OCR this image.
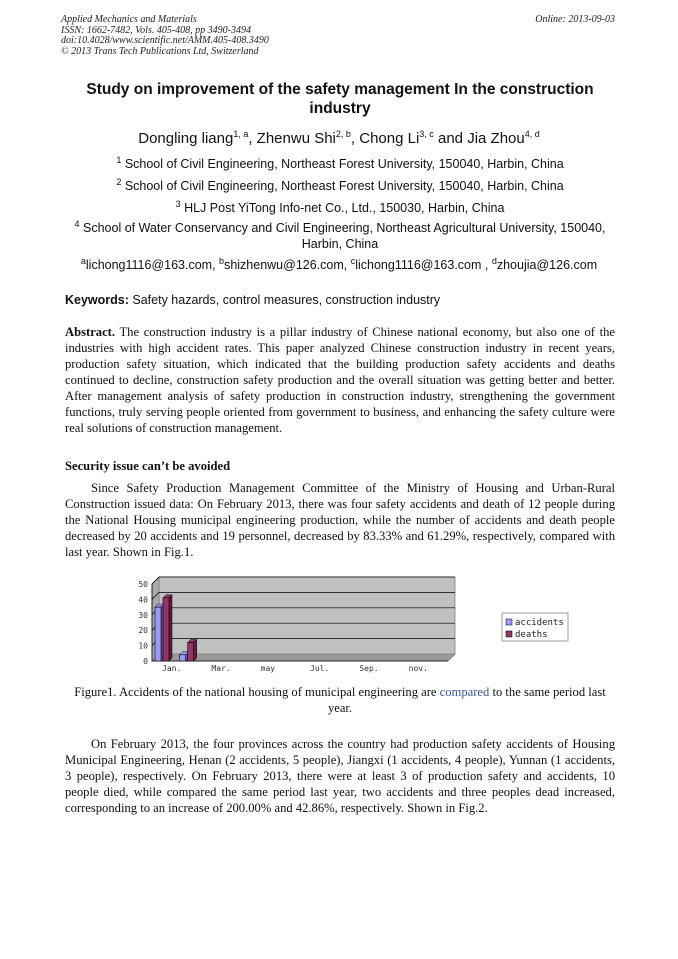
Applied Mechanics and Materials
ISSN: 1662-7482, Vols. 405-408, pp 3490-3494
doi:10.4028/www.scientific.net/AMM.405-408.3490
© 2013 Trans Tech Publications Ltd, Switzerland
Online: 2013-09-03
Study on improvement of the safety management In the construction industry
Dongling liang$^{1, a}$, Zhenwu Shi$^{2, b}$, Chong Li$^{3, c}$ and Jia Zhou$^{4, d}$
$^1$ School of Civil Engineering, Northeast Forest University, 150040, Harbin, China
$^2$ School of Civil Engineering, Northeast Forest University, 150040, Harbin, China
$^3$ HLJ Post YiTong Info-net Co., Ltd., 150030, Harbin, China
$^4$ School of Water Conservancy and Civil Engineering, Northeast Agricultural University, 150040, Harbin, China
$^a$lichong1116@163.com, $^b$shizhenwu@126.com, $^c$lichong1116@163.com , $^d$zhoujia@126.com
Keywords: Safety hazards, control measures, construction industry
Abstract. The construction industry is a pillar industry of Chinese national economy, but also one of the industries with high accident rates. This paper analyzed Chinese construction industry in recent years, production safety situation, which indicated that the building production safety accidents and deaths continued to decline, construction safety production and the overall situation was getting better and better. After management analysis of safety production in construction industry, strengthening the government functions, truly serving people oriented from government to business, and enhancing the safety culture were real solutions of construction management.
Security issue can’t be avoided
Since Safety Production Management Committee of the Ministry of Housing and Urban-Rural Construction issued data: On February 2013, there was four safety accidents and death of 12 people during the National Housing municipal engineering production, while the number of accidents and death people decreased by 20 accidents and 19 personnel, decreased by 83.33% and 61.29%, respectively, compared with last year. Shown in Fig.1.
0
10
20
30
40
50
Jan.	Mar.	may	Jul.	Sep.	nov.
accidents
deaths
Figure1. Accidents of the national housing of municipal engineering are compared to the same period last year.
On February 2013, the four provinces across the country had production safety accidents of Housing Municipal Engineering, Henan (2 accidents, 5 people), Jiangxi (1 accidents, 4 people), Yunnan (1 accidents, 3 people), respectively. On February 2013, there were at least 3 of production safety and accidents, 10 people died, while compared the same period last year, two accidents and three peoples dead increased, corresponding to an increase of 200.00% and 42.86%, respectively. Shown in Fig.2.
